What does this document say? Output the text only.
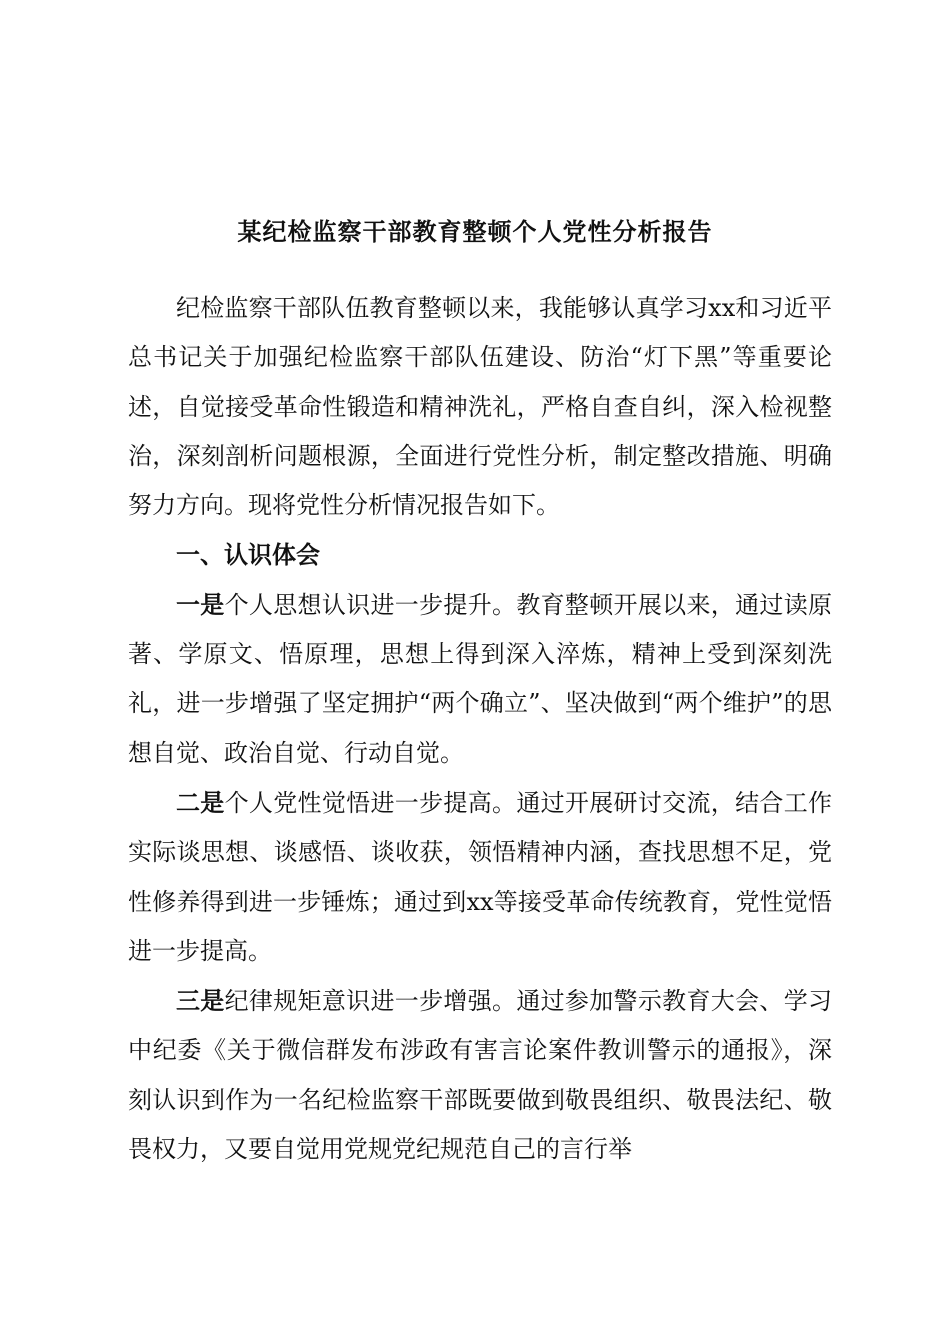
某纪检监察干部教育整顿个人党性分析报告

纪检监察干部队伍教育整顿以来，我能够认真学习xx和习近平总书记关于加强纪检监察干部队伍建设、防治“灯下黑”等重要论述，自觉接受革命性锻造和精神洗礼，严格自查自纠，深入检视整治，深刻剖析问题根源，全面进行党性分析，制定整改措施、明确努力方向。现将党性分析情况报告如下。

一、认识体会

一是个人思想认识进一步提升。教育整顿开展以来，通过读原著、学原文、悟原理，思想上得到深入淬炼，精神上受到深刻洗礼，进一步增强了坚定拥护“两个确立”、坚决做到“两个维护”的思想自觉、政治自觉、行动自觉。

二是个人党性觉悟进一步提高。通过开展研讨交流，结合工作实际谈思想、谈感悟、谈收获，领悟精神内涵，查找思想不足，党性修养得到进一步锤炼；通过到xx等接受革命传统教育，党性觉悟进一步提高。

三是纪律规矩意识进一步增强。通过参加警示教育大会、学习中纪委《关于微信群发布涉政有害言论案件教训警示的通报》，深刻认识到作为一名纪检监察干部既要做到敬畏组织、敬畏法纪、敬畏权力，又要自觉用党规党纪规范自己的言行举
